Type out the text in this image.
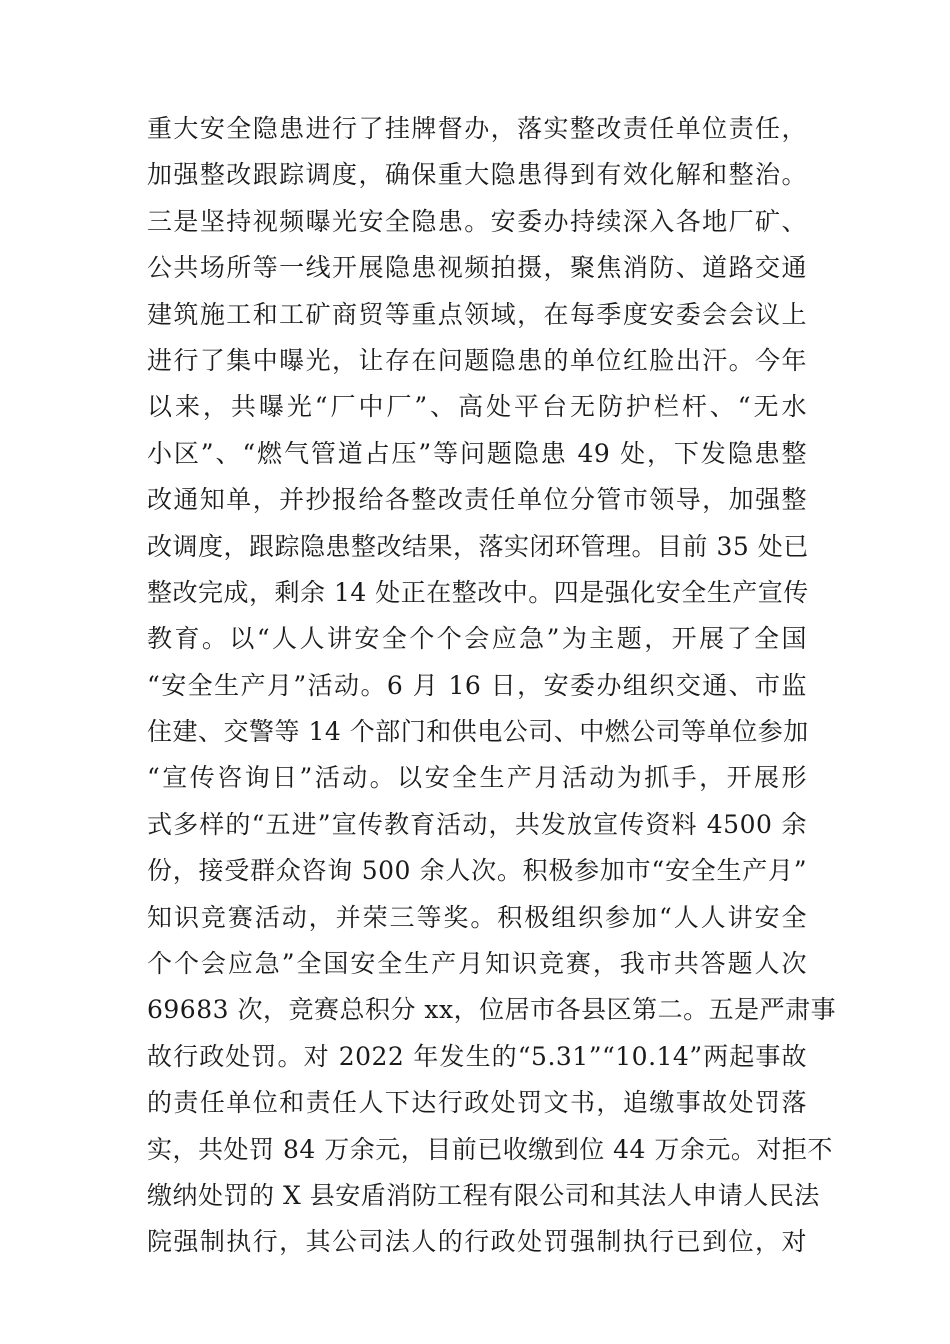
重大安全隐患进行了挂牌督办，落实整改责任单位责任，
加强整改跟踪调度，确保重大隐患得到有效化解和整治。
三是坚持视频曝光安全隐患。安委办持续深入各地厂矿、
公共场所等一线开展隐患视频拍摄，聚焦消防、道路交通
建筑施工和工矿商贸等重点领域，在每季度安委会会议上
进行了集中曝光，让存在问题隐患的单位红脸出汗。今年
以来，共曝光“厂中厂”、高处平台无防护栏杆、“无水
小区”、“燃气管道占压”等问题隐患 49 处，下发隐患整
改通知单，并抄报给各整改责任单位分管市领导，加强整
改调度，跟踪隐患整改结果，落实闭环管理。目前 35 处已
整改完成，剩余 14 处正在整改中。四是强化安全生产宣传
教育。以“人人讲安全个个会应急”为主题，开展了全国
“安全生产月”活动。6 月 16 日，安委办组织交通、市监
住建、交警等 14 个部门和供电公司、中燃公司等单位参加
“宣传咨询日”活动。以安全生产月活动为抓手，开展形
式多样的“五进”宣传教育活动，共发放宣传资料 4500 余
份，接受群众咨询 500 余人次。积极参加市“安全生产月”
知识竞赛活动，并荣三等奖。积极组织参加“人人讲安全
个个会应急”全国安全生产月知识竞赛，我市共答题人次
69683 次，竞赛总积分 xx，位居市各县区第二。五是严肃事
故行政处罚。对 2022 年发生的“5.31”“10.14”两起事故
的责任单位和责任人下达行政处罚文书，追缴事故处罚落
实，共处罚 84 万余元，目前已收缴到位 44 万余元。对拒不
缴纳处罚的 X 县安盾消防工程有限公司和其法人申请人民法
院强制执行，其公司法人的行政处罚强制执行已到位，对
